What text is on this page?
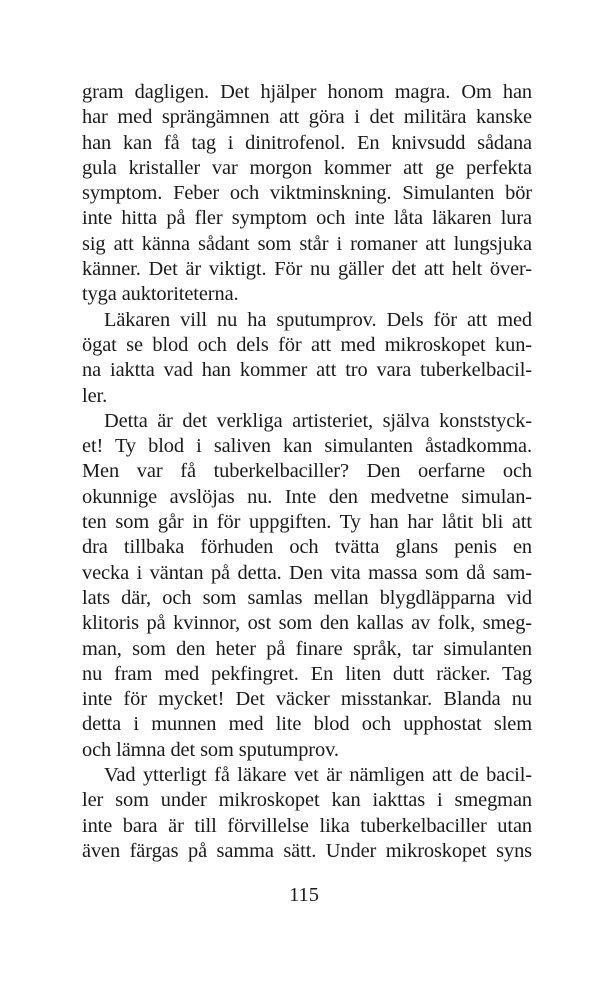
gram dagligen. Det hjälper honom magra. Om han
har med sprängämnen att göra i det militära kanske
han kan få tag i dinitrofenol. En knivsudd sådana
gula kristaller var morgon kommer att ge perfekta
symptom. Feber och viktminskning. Simulanten bör
inte hitta på fler symptom och inte låta läkaren lura
sig att känna sådant som står i romaner att lungsjuka
känner. Det är viktigt. För nu gäller det att helt över-
tyga auktoriteterna.
Läkaren vill nu ha sputumprov. Dels för att med
ögat se blod och dels för att med mikroskopet kun-
na iaktta vad han kommer att tro vara tuberkelbacil-
ler.
Detta är det verkliga artisteriet, själva konststyck-
et! Ty blod i saliven kan simulanten åstadkomma.
Men var få tuberkelbaciller? Den oerfarne och
okunnige avslöjas nu. Inte den medvetne simulan-
ten som går in för uppgiften. Ty han har låtit bli att
dra tillbaka förhuden och tvätta glans penis en
vecka i väntan på detta. Den vita massa som då sam-
lats där, och som samlas mellan blygdläpparna vid
klitoris på kvinnor, ost som den kallas av folk, smeg-
man, som den heter på finare språk, tar simulanten
nu fram med pekfingret. En liten dutt räcker. Tag
inte för mycket! Det väcker misstankar. Blanda nu
detta i munnen med lite blod och upphostat slem
och lämna det som sputumprov.
Vad ytterligt få läkare vet är nämligen att de bacil-
ler som under mikroskopet kan iakttas i smegman
inte bara är till förvillelse lika tuberkelbaciller utan
även färgas på samma sätt. Under mikroskopet syns
115
